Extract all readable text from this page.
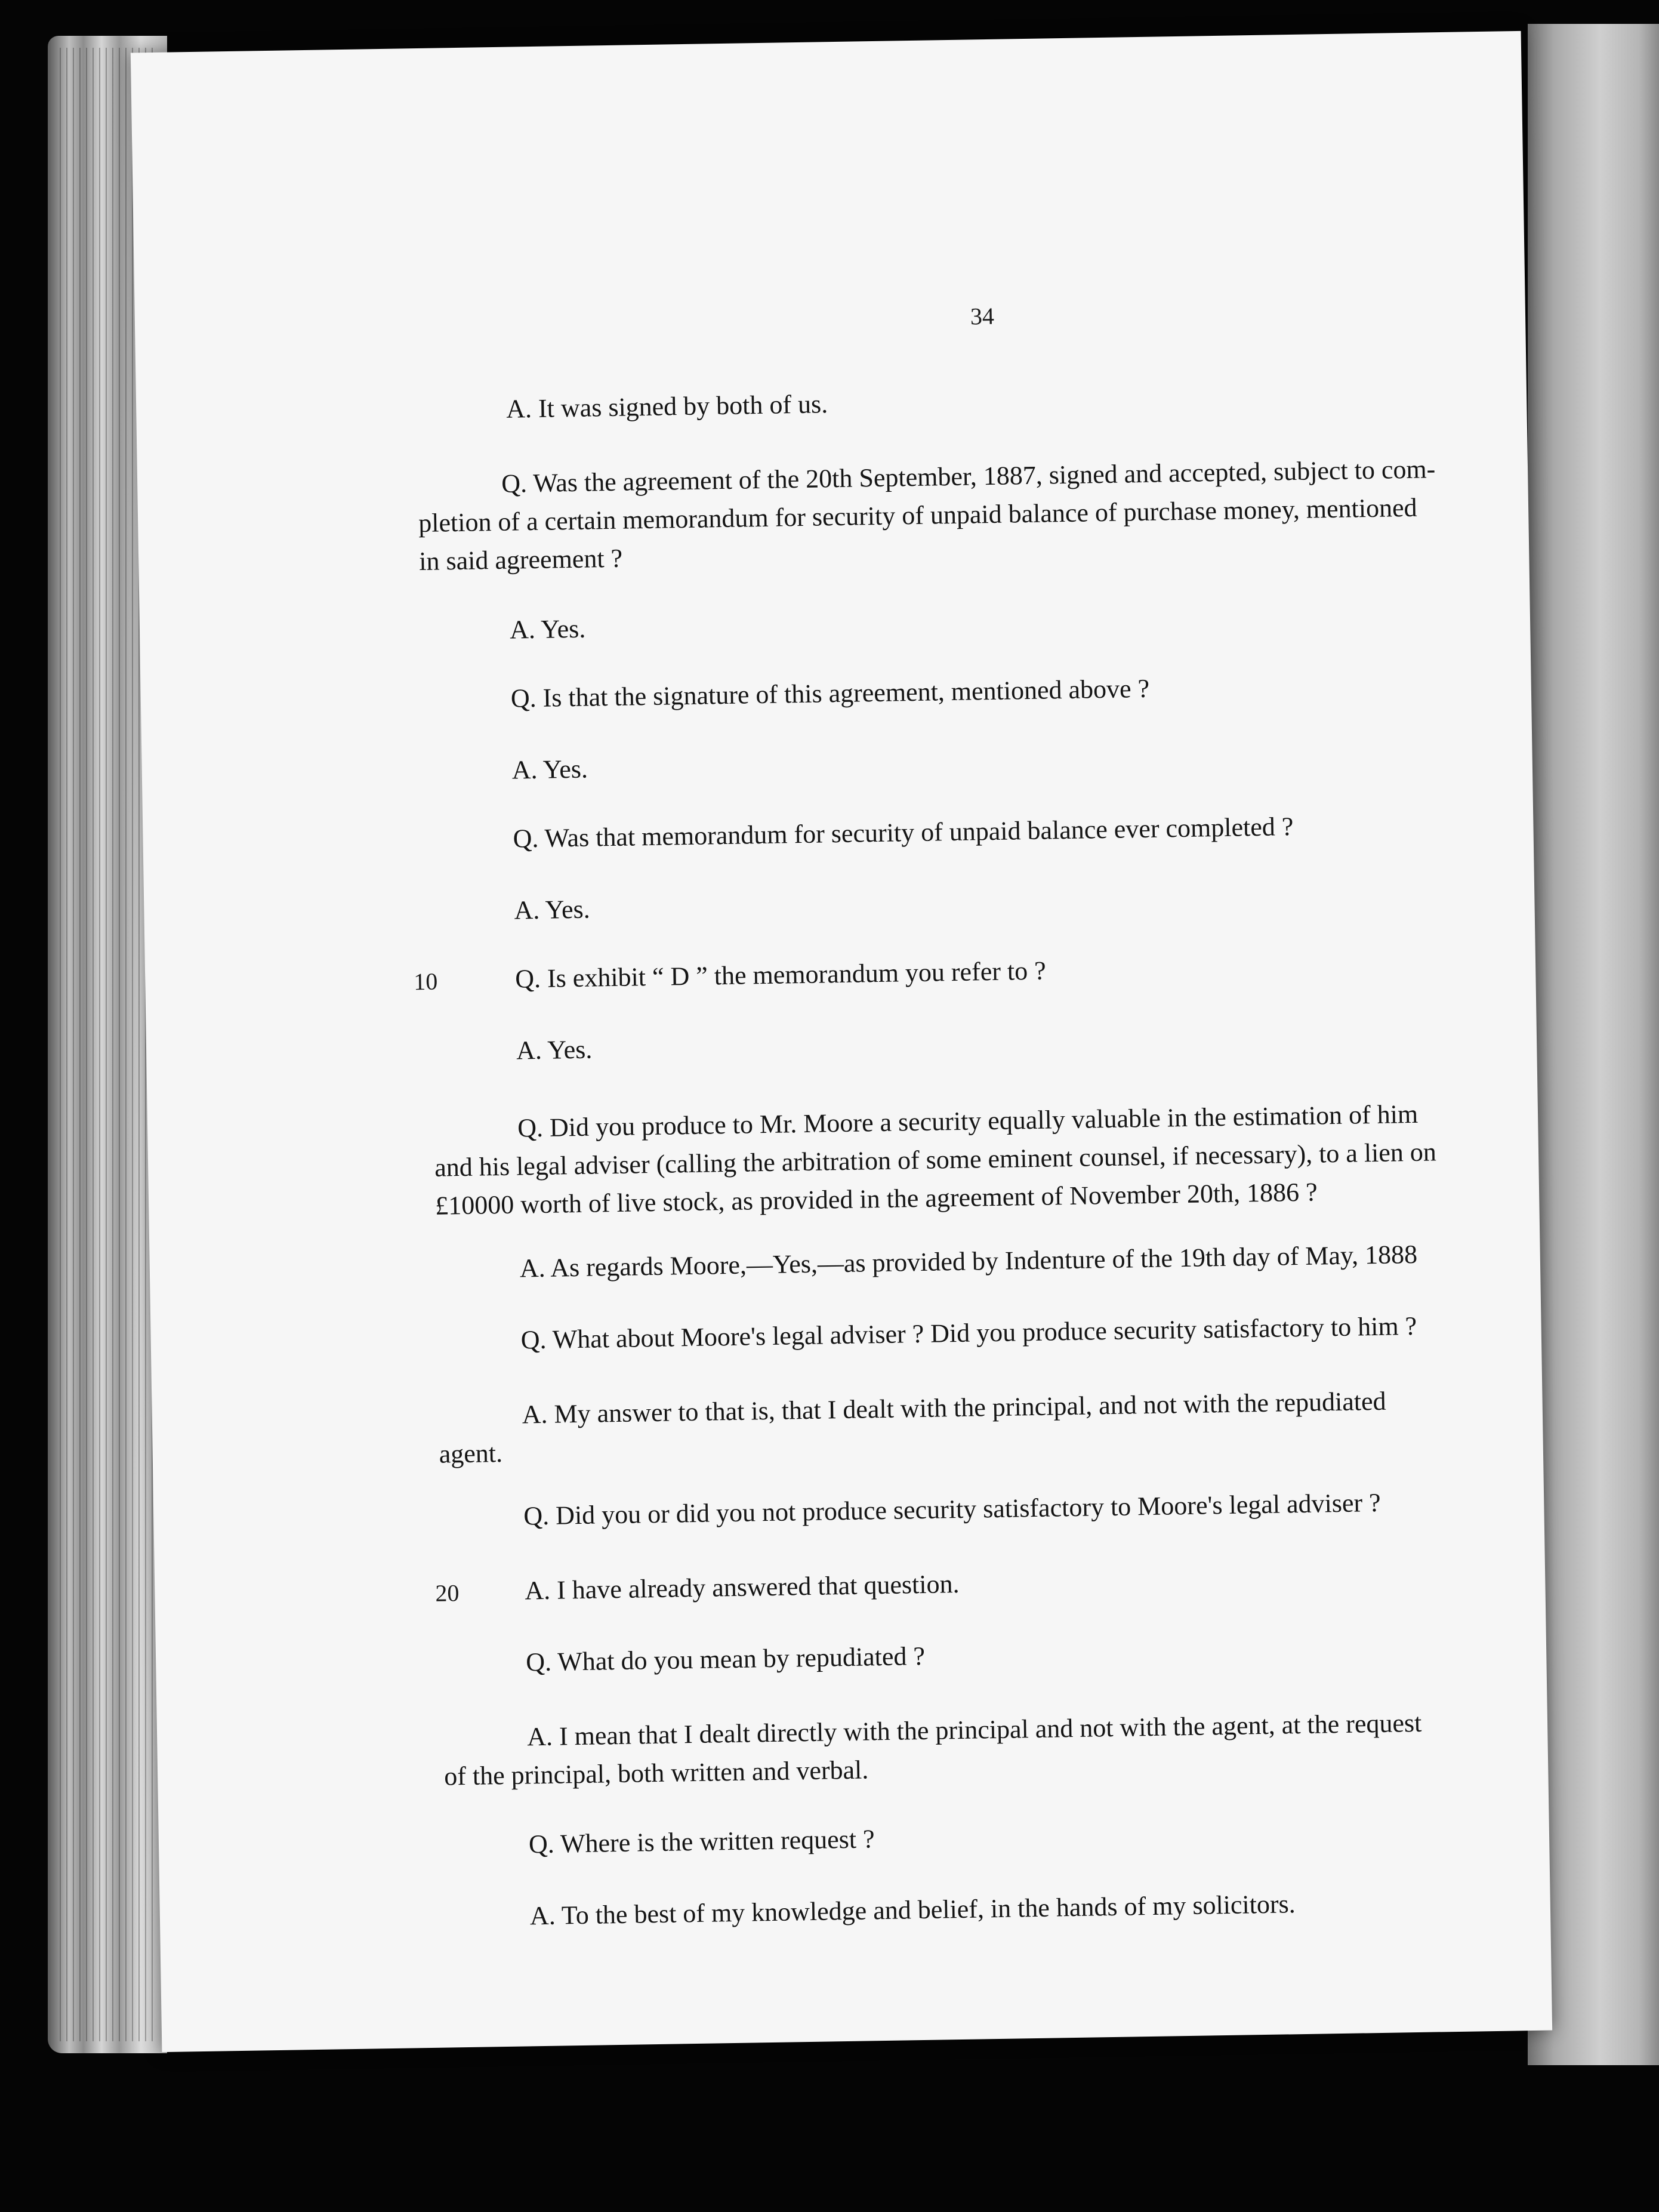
34
A. It was signed by both of us.
Q. Was the agreement of the 20th September, 1887, signed and accepted, subject to com-
pletion of a certain memorandum for security of unpaid balance of purchase money, mentioned
in said agreement ?
A. Yes.
Q. Is that the signature of this agreement, mentioned above ?
A. Yes.
Q. Was that memorandum for security of unpaid balance ever completed ?
A. Yes.
10	Q. Is exhibit “ D ” the memorandum you refer to ?
A. Yes.
Q. Did you produce to Mr. Moore a security equally valuable in the estimation of him
and his legal adviser (calling the arbitration of some eminent counsel, if necessary), to a lien on
£10000 worth of live stock, as provided in the agreement of November 20th, 1886 ?
A. As regards Moore,—Yes,—as provided by Indenture of the 19th day of May, 1888
Q. What about Moore's legal adviser ? Did you produce security satisfactory to him ?
A. My answer to that is, that I dealt with the principal, and not with the repudiated
agent.
Q. Did you or did you not produce security satisfactory to Moore's legal adviser ?
20 A. I have already answered that question.
Q. What do you mean by repudiated ?
A. I mean that I dealt directly with the principal and not with the agent, at the request
of the principal, both written and verbal.
Q. Where is the written request ?
A. To the best of my knowledge and belief, in the hands of my solicitors.
